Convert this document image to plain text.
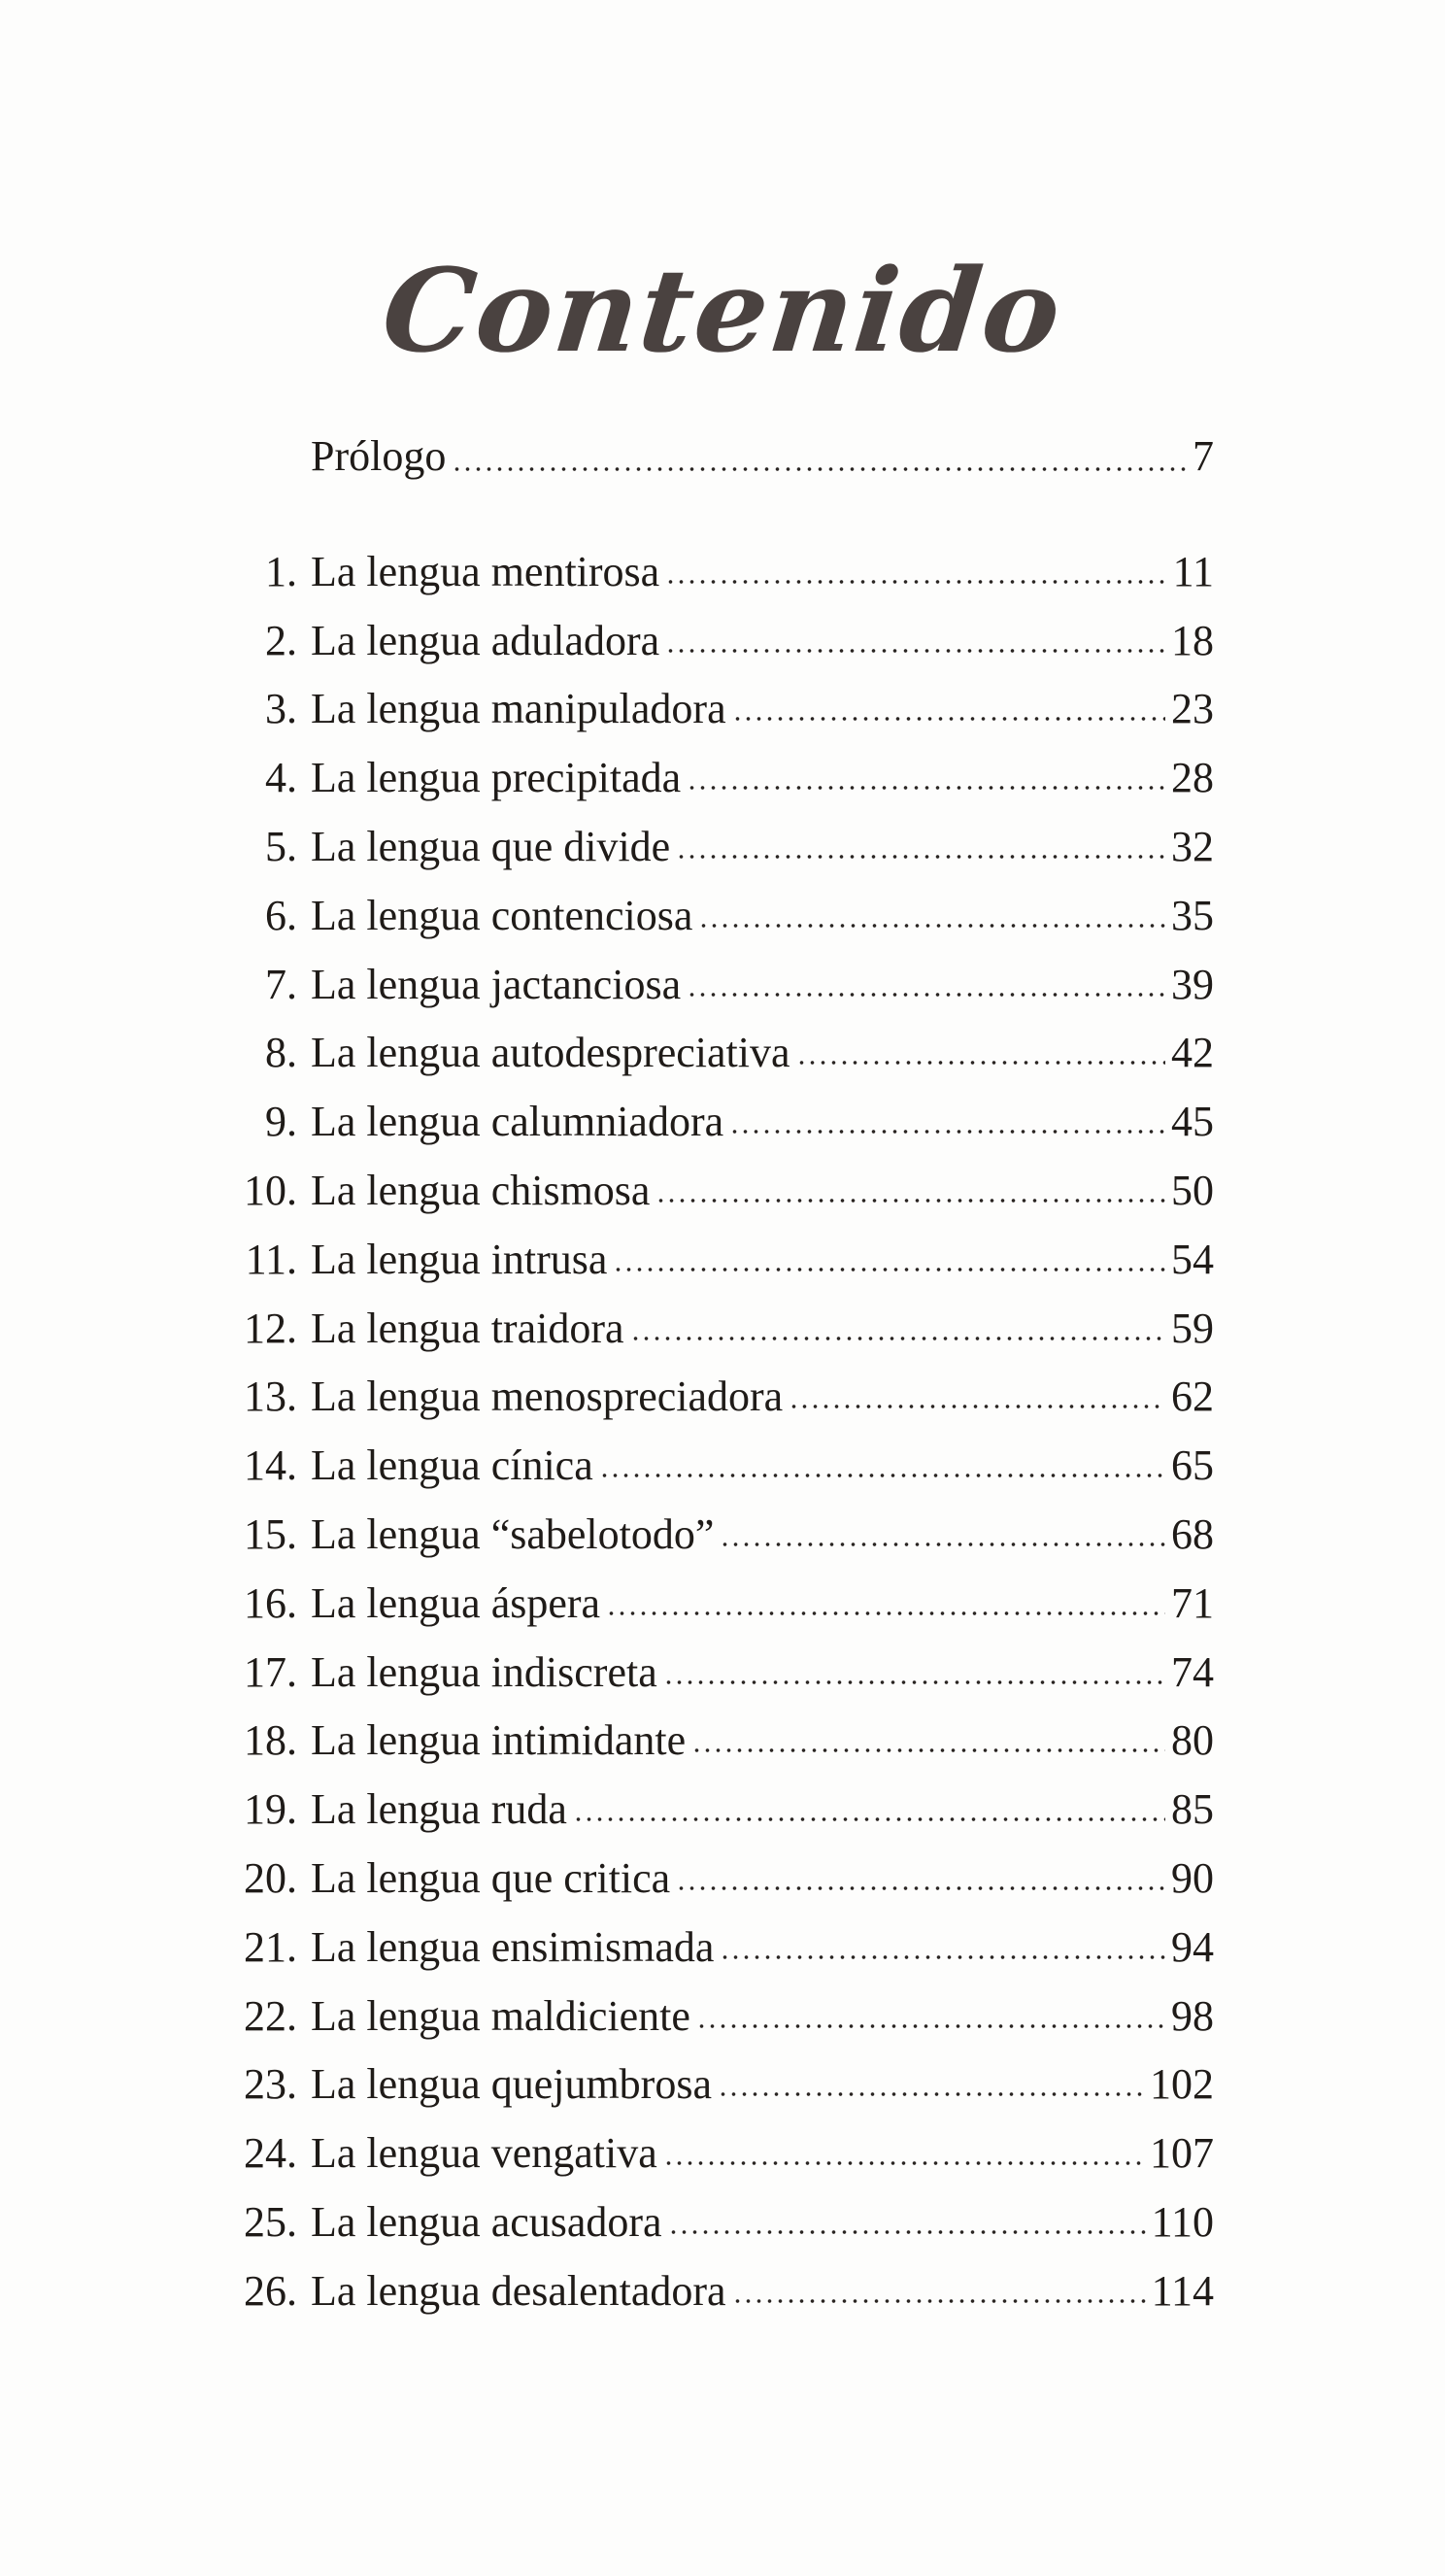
Contenido
Prólogo	7
1. La lengua mentirosa	11
2. La lengua aduladora	18
3. La lengua manipuladora	23
4. La lengua precipitada	28
5. La lengua que divide	32
6. La lengua contenciosa	35
7. La lengua jactanciosa	39
8. La lengua autodespreciativa	42
9. La lengua calumniadora	45
10. La lengua chismosa	50
11. La lengua intrusa	54
12. La lengua traidora	59
13. La lengua menospreciadora	62
14. La lengua cínica	65
15. La lengua “sabelotodo”	68
16. La lengua áspera	71
17. La lengua indiscreta	74
18. La lengua intimidante	80
19. La lengua ruda	85
20. La lengua que critica	90
21. La lengua ensimismada	94
22. La lengua maldiciente	98
23. La lengua quejumbrosa	102
24. La lengua vengativa	107
25. La lengua acusadora	110
26. La lengua desalentadora	114
